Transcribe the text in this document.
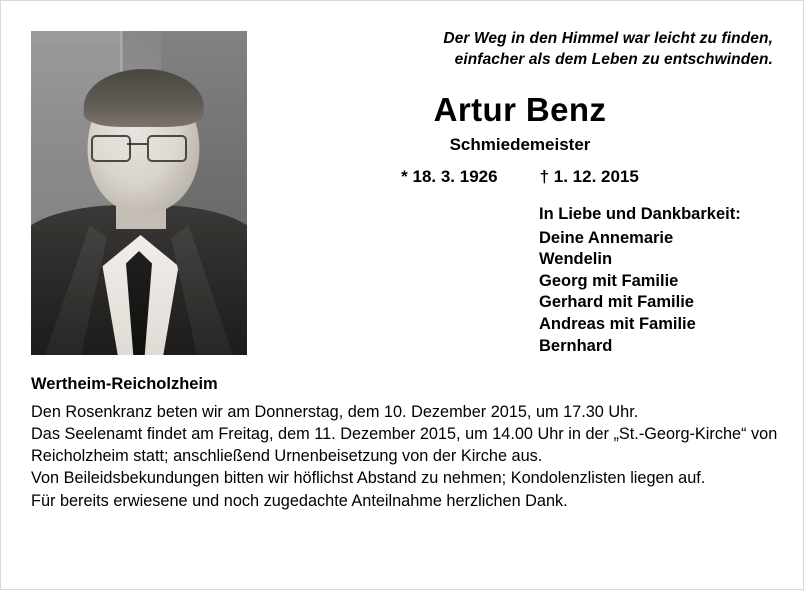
Der Weg in den Himmel war leicht zu finden,
einfacher als dem Leben zu entschwinden.
Artur Benz
Schmiedemeister
* 18. 3. 1926 † 1. 12. 2015
In Liebe und Dankbarkeit:
Deine Annemarie
Wendelin
Georg mit Familie
Gerhard mit Familie
Andreas mit Familie
Bernhard
Wertheim-Reicholzheim

Den Rosenkranz beten wir am Donnerstag, dem 10. Dezember 2015, um 17.30 Uhr.

Das Seelenamt findet am Freitag, dem 11. Dezember 2015, um 14.00 Uhr in der „St.-Georg-Kirche“ von Reicholzheim statt; anschließend Urnenbeisetzung von der Kirche aus.

Von Beileidsbekundungen bitten wir höflichst Abstand zu nehmen; Kondolenzlisten liegen auf.

Für bereits erwiesene und noch zugedachte Anteilnahme herzlichen Dank.
